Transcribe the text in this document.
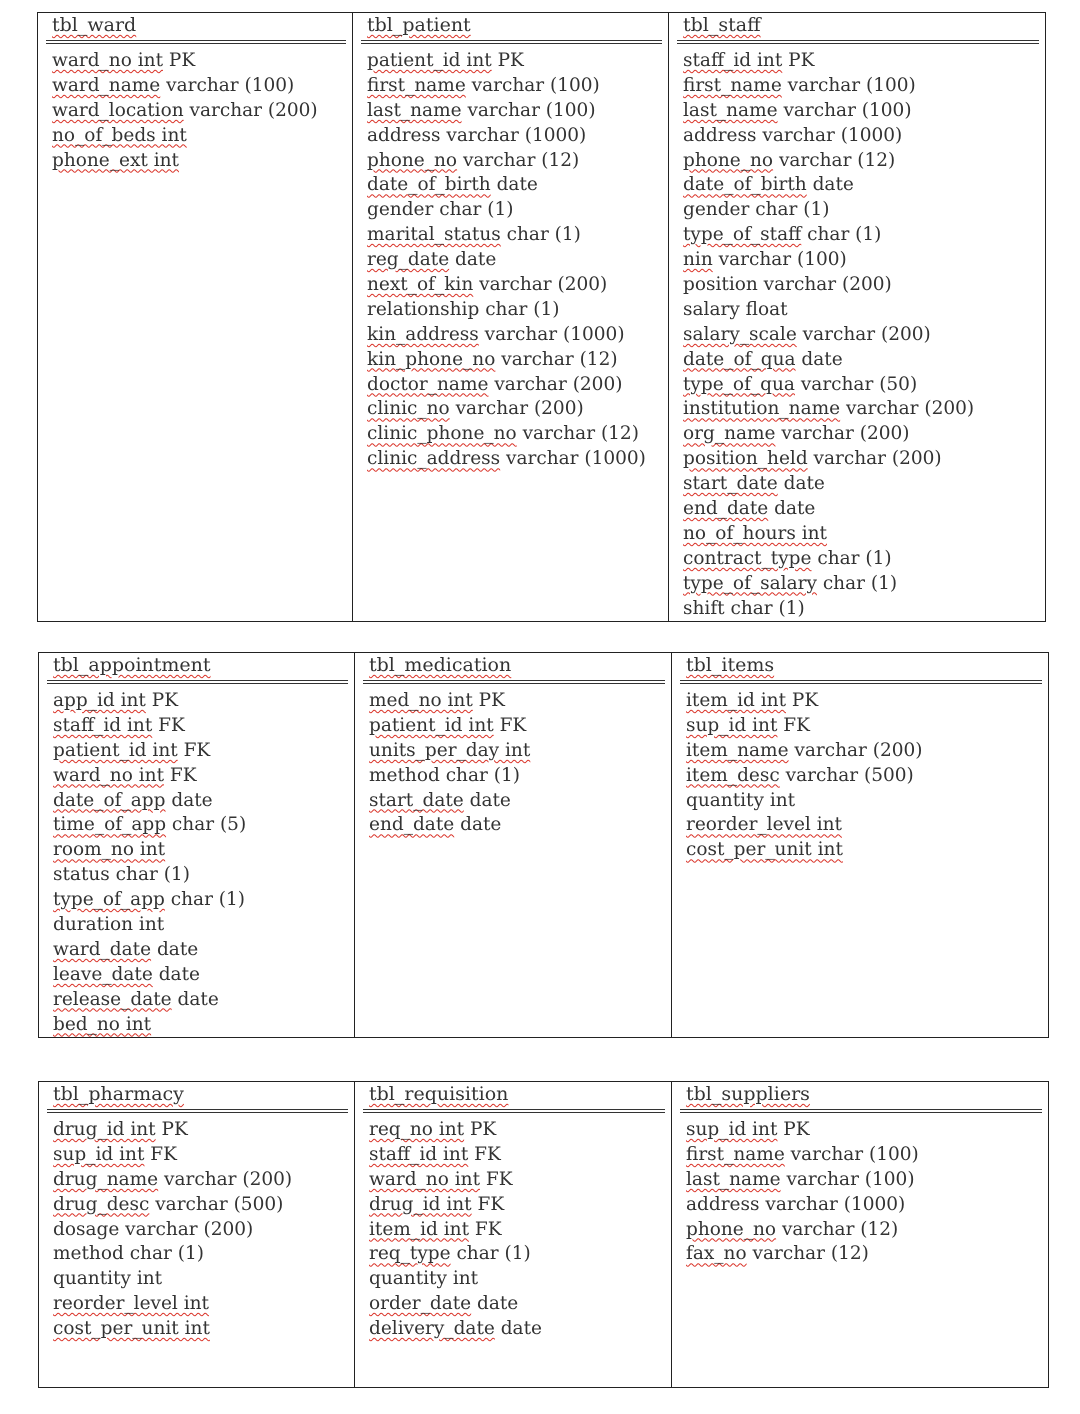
tbl_ward
ward_no int PK
ward_name varchar (100)
ward_location varchar (200)
no_of_beds int
phone_ext int

tbl_patient
patient_id int PK
first_name varchar (100)
last_name varchar (100)
address varchar (1000)
phone_no varchar (12)
date_of_birth date
gender char (1)
marital_status char (1)
reg_date date
next_of_kin varchar (200)
relationship char (1)
kin_address varchar (1000)
kin_phone_no varchar (12)
doctor_name varchar (200)
clinic_no varchar (200)
clinic_phone_no varchar (12)
clinic_address varchar (1000)

tbl_staff
staff_id int PK
first_name varchar (100)
last_name varchar (100)
address varchar (1000)
phone_no varchar (12)
date_of_birth date
gender char (1)
type_of_staff char (1)
nin varchar (100)
position varchar (200)
salary float
salary_scale varchar (200)
date_of_qua date
type_of_qua varchar (50)
institution_name varchar (200)
org_name varchar (200)
position_held varchar (200)
start_date date
end_date date
no_of_hours int
contract_type char (1)
type_of_salary char (1)
shift char (1)
tbl_appointment
app_id int PK
staff_id int FK
patient_id int FK
ward_no int FK
date_of_app date
time_of_app char (5)
room_no int
status char (1)
type_of_app char (1)
duration int
ward_date date
leave_date date
release_date date
bed_no int

tbl_medication
med_no int PK
patient_id int FK
units_per_day int
method char (1)
start_date date
end_date date

tbl_items
item_id int PK
sup_id int FK
item_name varchar (200)
item_desc varchar (500)
quantity int
reorder_level int
cost_per_unit int
tbl_pharmacy
drug_id int PK
sup_id int FK
drug_name varchar (200)
drug_desc varchar (500)
dosage varchar (200)
method char (1)
quantity int
reorder_level int
cost_per_unit int

tbl_requisition
req_no int PK
staff_id int FK
ward_no int FK
drug_id int FK
item_id int FK
req_type char (1)
quantity int
order_date date
delivery_date date

tbl_suppliers
sup_id int PK
first_name varchar (100)
last_name varchar (100)
address varchar (1000)
phone_no varchar (12)
fax_no varchar (12)
